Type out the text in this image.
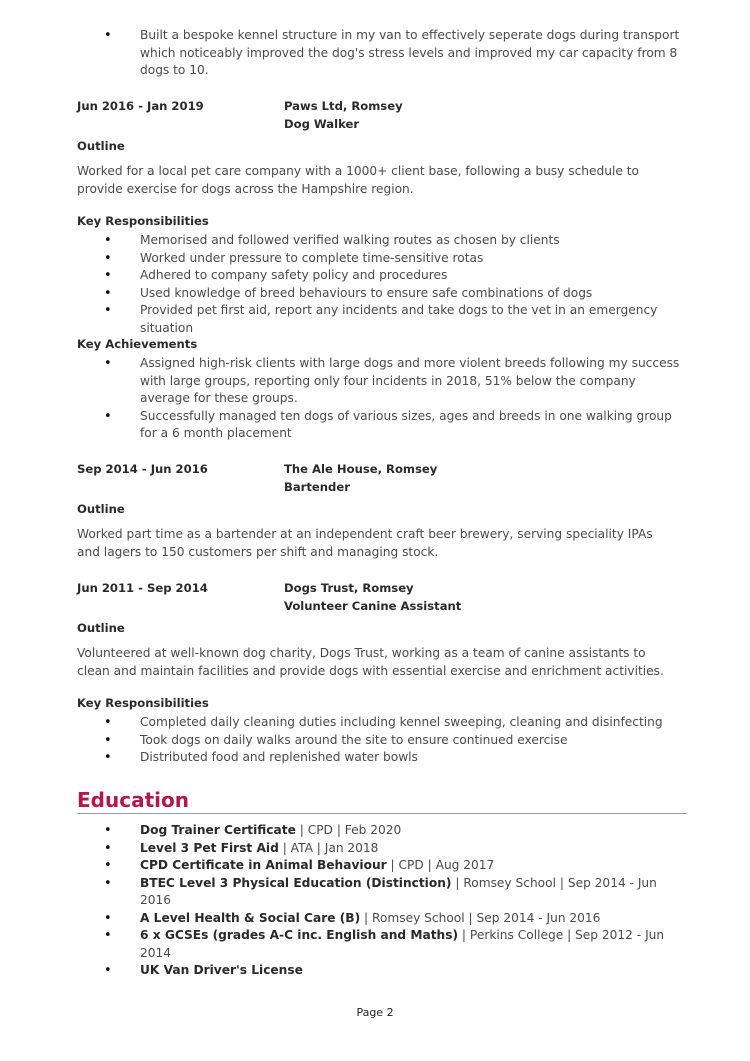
• Built a bespoke kennel structure in my van to effectively seperate dogs during transport which noticeably improved the dog's stress levels and improved my car capacity from 8 dogs to 10.
Jun 2016 - Jan 2019	Paws Ltd, Romsey
Dog Walker
Outline

Worked for a local pet care company with a 1000+ client base, following a busy schedule to provide exercise for dogs across the Hampshire region.

Key Responsibilities
• Memorised and followed verified walking routes as chosen by clients
• Worked under pressure to complete time-sensitive rotas
• Adhered to company safety policy and procedures
• Used knowledge of breed behaviours to ensure safe combinations of dogs
• Provided pet first aid, report any incidents and take dogs to the vet in an emergency situation
Key Achievements
• Assigned high-risk clients with large dogs and more violent breeds following my success with large groups, reporting only four incidents in 2018, 51% below the company average for these groups.
• Successfully managed ten dogs of various sizes, ages and breeds in one walking group for a 6 month placement
Sep 2014 - Jun 2016	The Ale House, Romsey
Bartender
Outline

Worked part time as a bartender at an independent craft beer brewery, serving speciality IPAs and lagers to 150 customers per shift and managing stock.

Jun 2011 - Sep 2014	Dogs Trust, Romsey
Volunteer Canine Assistant
Outline

Volunteered at well-known dog charity, Dogs Trust, working as a team of canine assistants to clean and maintain facilities and provide dogs with essential exercise and enrichment activities.

Key Responsibilities
• Completed daily cleaning duties including kennel sweeping, cleaning and disinfecting
• Took dogs on daily walks around the site to ensure continued exercise
• Distributed food and replenished water bowls
Education
• Dog Trainer Certificate | CPD | Feb 2020
• Level 3 Pet First Aid | ATA | Jan 2018
• CPD Certificate in Animal Behaviour | CPD | Aug 2017
• BTEC Level 3 Physical Education (Distinction) | Romsey School | Sep 2014 - Jun 2016
• A Level Health & Social Care (B) | Romsey School | Sep 2014 - Jun 2016
• 6 x GCSEs (grades A-C inc. English and Maths) | Perkins College | Sep 2012 - Jun 2014
• UK Van Driver's License
Page 2
